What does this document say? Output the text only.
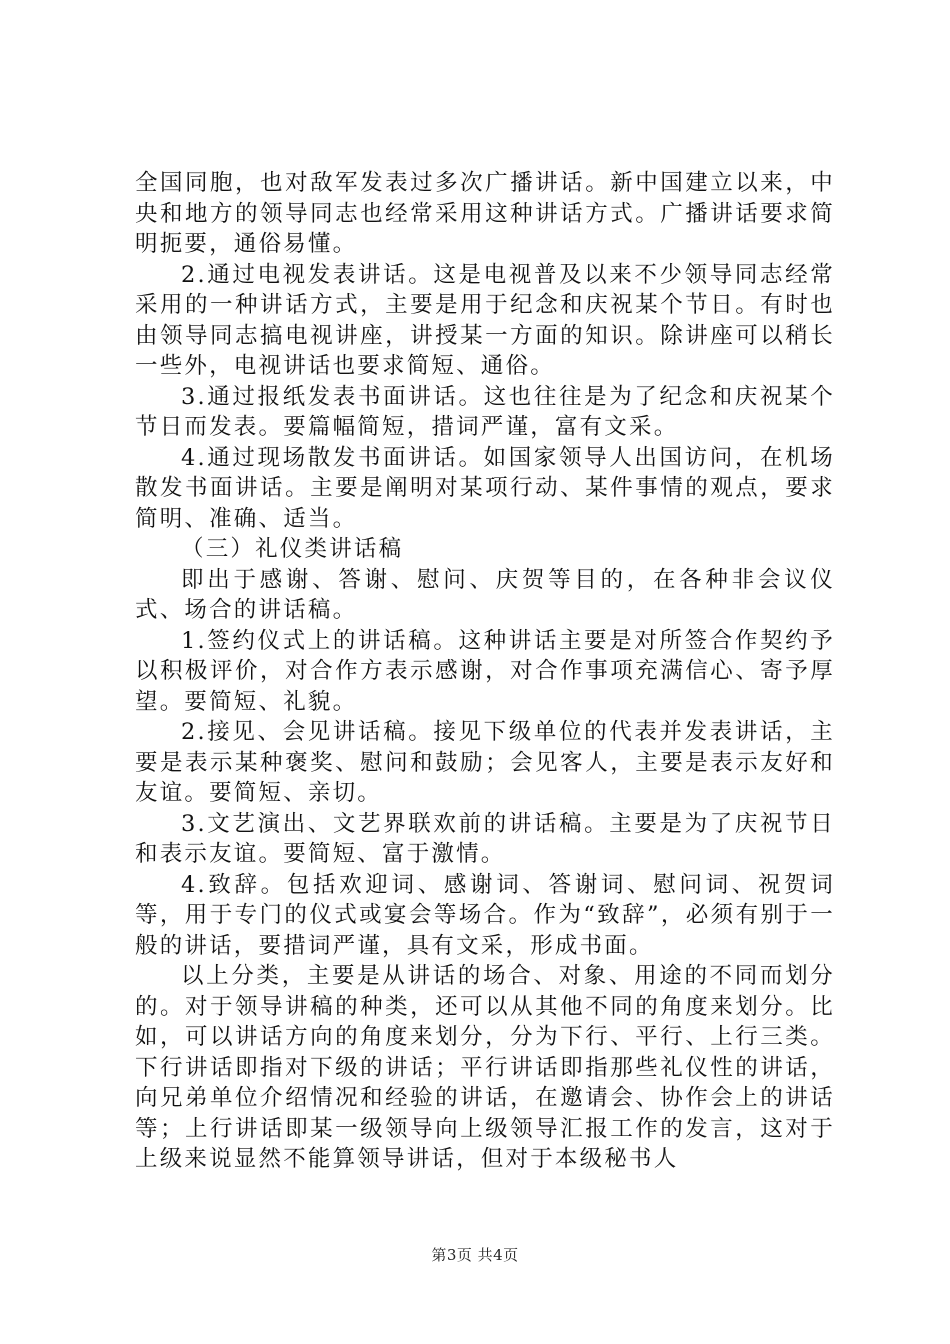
全国同胞，也对敌军发表过多次广播讲话。新中国建立以来，中央和地方的领导同志也经常采用这种讲话方式。广播讲话要求简明扼要，通俗易懂。

2.通过电视发表讲话。这是电视普及以来不少领导同志经常采用的一种讲话方式，主要是用于纪念和庆祝某个节日。有时也由领导同志搞电视讲座，讲授某一方面的知识。除讲座可以稍长一些外，电视讲话也要求简短、通俗。

3.通过报纸发表书面讲话。这也往往是为了纪念和庆祝某个节日而发表。要篇幅简短，措词严谨，富有文采。

4.通过现场散发书面讲话。如国家领导人出国访问，在机场散发书面讲话。主要是阐明对某项行动、某件事情的观点，要求简明、准确、适当。

（三）礼仪类讲话稿

即出于感谢、答谢、慰问、庆贺等目的，在各种非会议仪式、场合的讲话稿。

1.签约仪式上的讲话稿。这种讲话主要是对所签合作契约予以积极评价，对合作方表示感谢，对合作事项充满信心、寄予厚望。要简短、礼貌。

2.接见、会见讲话稿。接见下级单位的代表并发表讲话，主要是表示某种褒奖、慰问和鼓励；会见客人，主要是表示友好和友谊。要简短、亲切。

3.文艺演出、文艺界联欢前的讲话稿。主要是为了庆祝节日和表示友谊。要简短、富于激情。

4.致辞。包括欢迎词、感谢词、答谢词、慰问词、祝贺词等，用于专门的仪式或宴会等场合。作为“致辞”，必须有别于一般的讲话，要措词严谨，具有文采，形成书面。

以上分类，主要是从讲话的场合、对象、用途的不同而划分的。对于领导讲稿的种类，还可以从其他不同的角度来划分。比如，可以讲话方向的角度来划分，分为下行、平行、上行三类。下行讲话即指对下级的讲话；平行讲话即指那些礼仪性的讲话，向兄弟单位介绍情况和经验的讲话，在邀请会、协作会上的讲话等；上行讲话即某一级领导向上级领导汇报工作的发言，这对于上级来说显然不能算领导讲话，但对于本级秘书人

第3页 共4页
